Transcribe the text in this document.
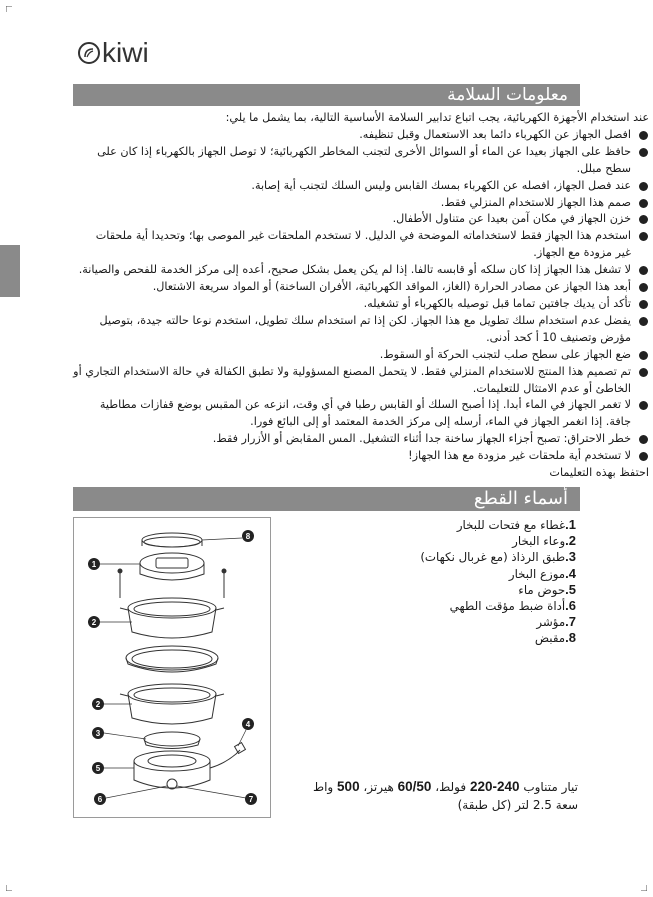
kiwi
معلومات السلامة
عند استخدام الأجهزة الكهربائية، يجب اتباع تدابير السلامة الأساسية التالية، بما يشمل ما يلي:
افصل الجهاز عن الكهرباء دائما بعد الاستعمال وقبل تنظيفه.
حافظ على الجهاز بعيدا عن الماء أو السوائل الأخرى لتجنب المخاطر الكهربائية؛ لا توصل الجهاز بالكهرباء إذا كان على
سطح مبلل.
عند فصل الجهاز، افصله عن الكهرباء بمسك القابس وليس السلك لتجنب أية إصابة.
صمم هذا الجهاز للاستخدام المنزلي فقط.
خزن الجهاز في مكان آمن بعيدا عن متناول الأطفال.
استخدم هذا الجهاز فقط لاستخداماته الموضحة في الدليل. لا تستخدم الملحقات غير الموصى بها؛ وتحديدا أية ملحقات
غير مزودة مع الجهاز.
لا تشغل هذا الجهاز إذا كان سلكه أو قابسه تالفا. إذا لم يكن يعمل بشكل صحيح، أعده إلى مركز الخدمة للفحص والصيانة.
أبعد هذا الجهاز عن مصادر الحرارة (الغاز، المواقد الكهربائية، الأفران الساخنة) أو المواد سريعة الاشتعال.
تأكد أن يديك جافتين تماما قبل توصيله بالكهرباء أو تشغيله.
يفضل عدم استخدام سلك تطويل مع هذا الجهاز. لكن إذا تم استخدام سلك تطويل، استخدم نوعا حالته جيدة، بتوصيل
مؤرض وتصنيف 10 أ كحد أدنى.
ضع الجهاز على سطح صلب لتجنب الحركة أو السقوط.
تم تصميم هذا المنتج للاستخدام المنزلي فقط. لا يتحمل المصنع المسؤولية ولا تطبق الكفالة في حالة الاستخدام التجاري أو
الخاطئ أو عدم الامتثال للتعليمات.
لا تغمر الجهاز في الماء أبدا. إذا أصبح السلك أو القابس رطبا في أي وقت، انزعه عن المقبس بوضع قفازات مطاطية
جافة. إذا انغمر الجهاز في الماء، أرسله إلى مركز الخدمة المعتمد أو إلى البائع فورا.
خطر الاحتراق: تصبح أجزاء الجهاز ساخنة جدا أثناء التشغيل. المس المقابض أو الأزرار فقط.
لا تستخدم أية ملحقات غير مزودة مع هذا الجهاز!
احتفظ بهذه التعليمات
أسماء القطع
1
2
2
3
4
5
6	7
8
1.غطاء مع فتحات للبخار
2.وعاء البخار
3.طبق الرذاذ (مع غربال نكهات)
4.موزع البخار
5.حوض ماء
6.أداة ضبط مؤقت الطهي
7.مؤشر
8.مقبض
تيار متناوب 240-220 فولط، 60/50 هيرتز، 500 واط
سعة 2.5 لتر (كل طبقة)
